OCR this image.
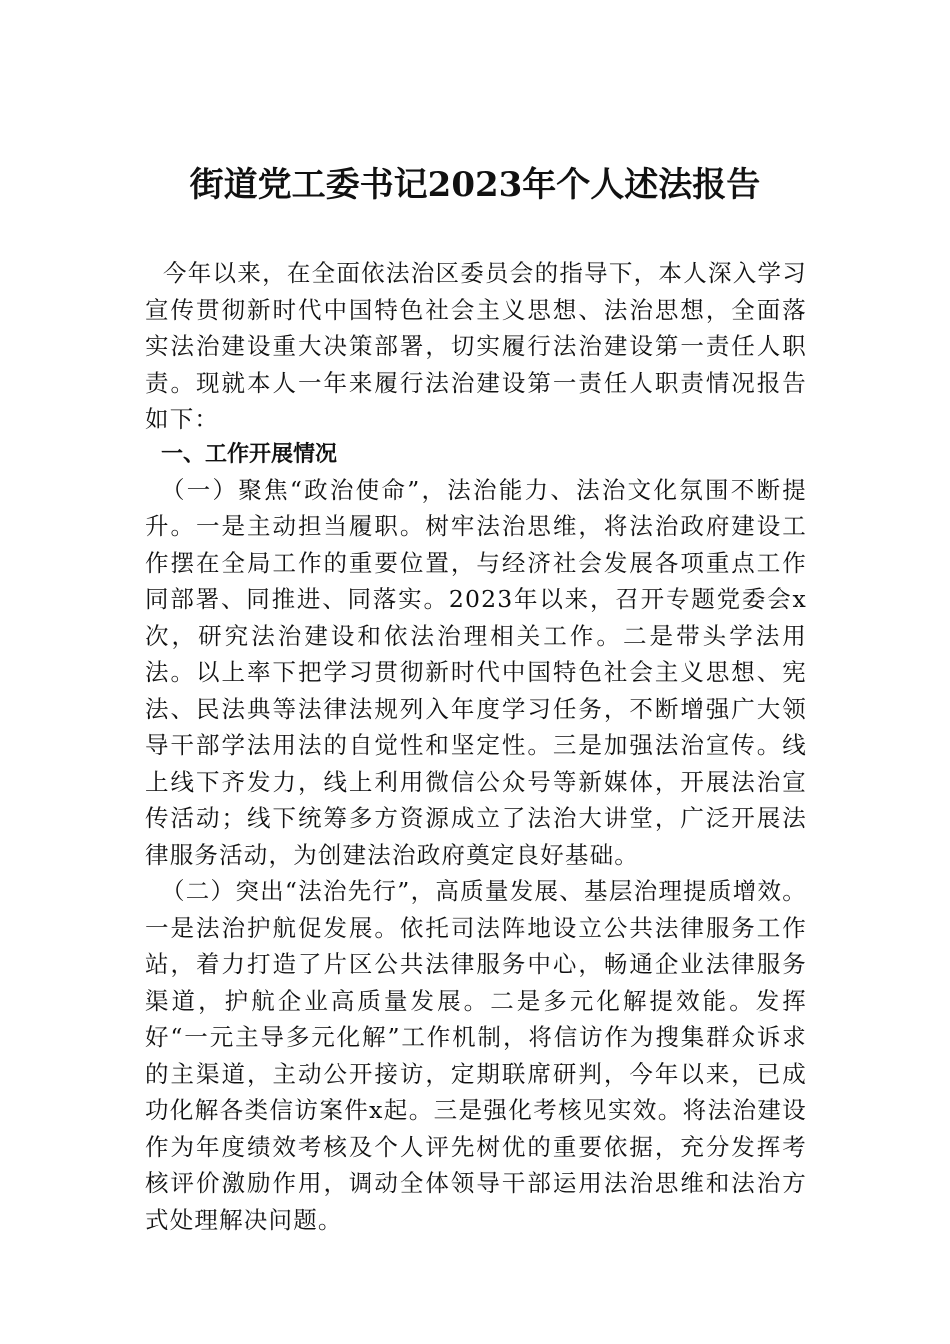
街道党工委书记2023年个人述法报告

今年以来，在全面依法治区委员会的指导下，本人深入学习宣传贯彻新时代中国特色社会主义思想、法治思想，全面落实法治建设重大决策部署，切实履行法治建设第一责任人职责。现就本人一年来履行法治建设第一责任人职责情况报告如下：

一、工作开展情况

（一）聚焦“政治使命”，法治能力、法治文化氛围不断提升。一是主动担当履职。树牢法治思维，将法治政府建设工作摆在全局工作的重要位置，与经济社会发展各项重点工作同部署、同推进、同落实。2023年以来，召开专题党委会x次，研究法治建设和依法治理相关工作。二是带头学法用法。以上率下把学习贯彻新时代中国特色社会主义思想、宪法、民法典等法律法规列入年度学习任务，不断增强广大领导干部学法用法的自觉性和坚定性。三是加强法治宣传。线上线下齐发力，线上利用微信公众号等新媒体，开展法治宣传活动；线下统筹多方资源成立了法治大讲堂，广泛开展法律服务活动，为创建法治政府奠定良好基础。

（二）突出“法治先行”，高质量发展、基层治理提质增效。一是法治护航促发展。依托司法阵地设立公共法律服务工作站，着力打造了片区公共法律服务中心，畅通企业法律服务渠道，护航企业高质量发展。二是多元化解提效能。发挥好“一元主导多元化解”工作机制，将信访作为搜集群众诉求的主渠道，主动公开接访，定期联席研判，今年以来，已成功化解各类信访案件x起。三是强化考核见实效。将法治建设作为年度绩效考核及个人评先树优的重要依据，充分发挥考核评价激励作用，调动全体领导干部运用法治思维和法治方式处理解决问题。
